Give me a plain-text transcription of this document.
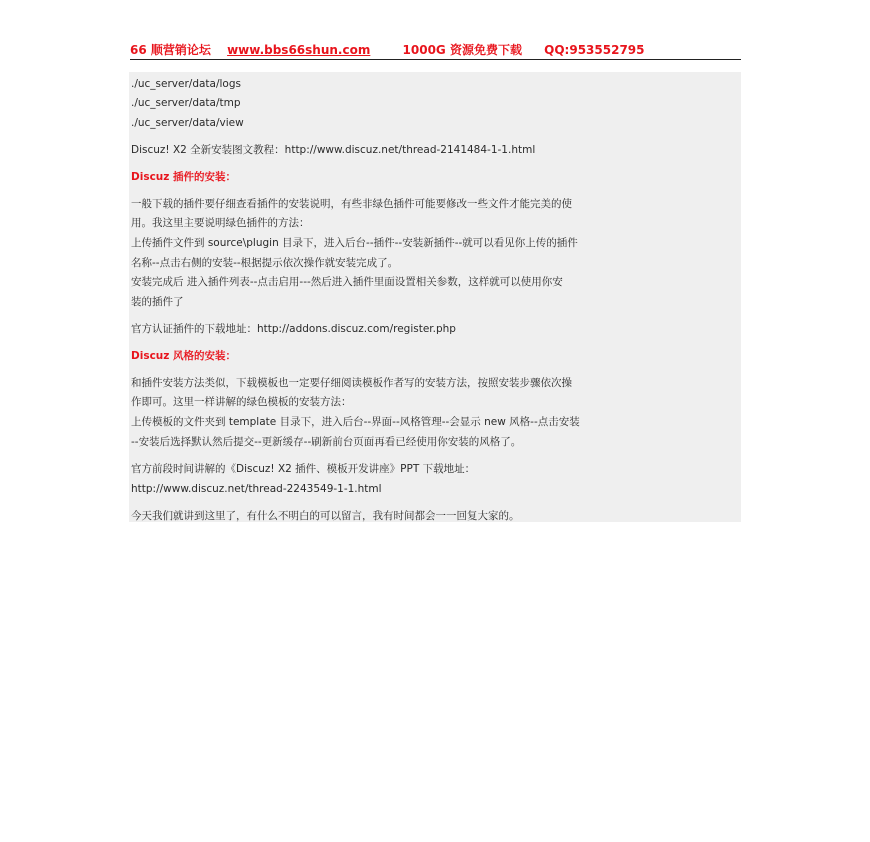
66 顺营销论坛 www.bbs66shun.com	1000G 资源免费下载 QQ:953552795
./uc_server/data/logs
./uc_server/data/tmp
./uc_server/data/view
Discuz! X2 全新安装图文教程：http://www.discuz.net/thread-2141484-1-1.html
Discuz 插件的安装：
一般下载的插件要仔细查看插件的安装说明，有些非绿色插件可能要修改一些文件才能完美的使
用。我这里主要说明绿色插件的方法：
上传插件文件到 source\plugin 目录下，进入后台--插件--安装新插件--就可以看见你上传的插件
名称--点击右侧的安装--根据提示依次操作就安装完成了。
安装完成后 进入插件列表--点击启用---然后进入插件里面设置相关参数，这样就可以使用你安
装的插件了
官方认证插件的下载地址：http://addons.discuz.com/register.php
Discuz 风格的安装：
和插件安装方法类似，下载模板也一定要仔细阅读模板作者写的安装方法，按照安装步骤依次操
作即可。这里一样讲解的绿色模板的安装方法：
上传模板的文件夹到 template 目录下，进入后台--界面--风格管理--会显示 new 风格--点击安装
--安装后选择默认然后提交--更新缓存--刷新前台页面再看已经使用你安装的风格了。
官方前段时间讲解的《Discuz! X2 插件、模板开发讲座》PPT 下载地址：
http://www.discuz.net/thread-2243549-1-1.html
今天我们就讲到这里了，有什么不明白的可以留言，我有时间都会一一回复大家的。
